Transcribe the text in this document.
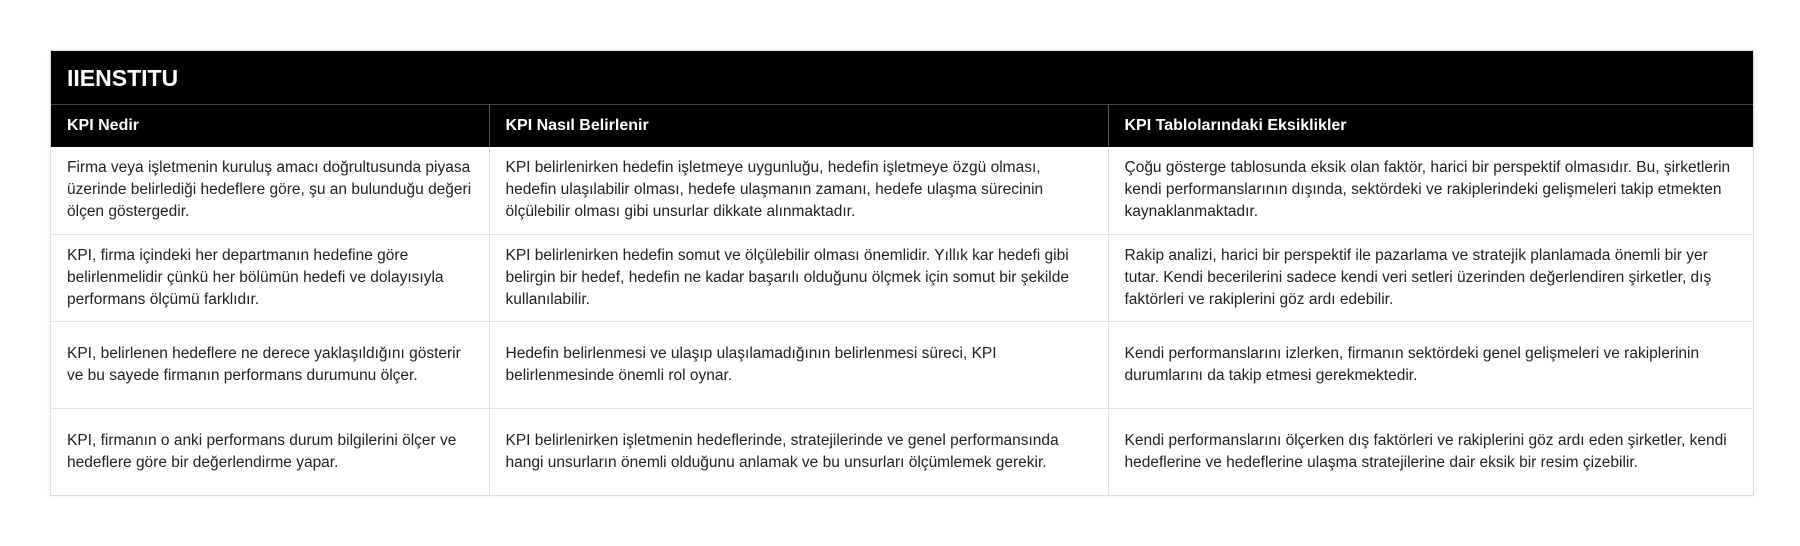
IIENSTITU
KPI Nedir	KPI Nasıl Belirlenir	KPI Tablolarındaki Eksiklikler
Firma veya işletmenin kuruluş amacı doğrultusunda piyasa üzerinde belirlediği hedeflere göre, şu an bulunduğu değeri ölçen göstergedir.	KPI belirlenirken hedefin işletmeye uygunluğu, hedefin işletmeye özgü olması, hedefin ulaşılabilir olması, hedefe ulaşmanın zamanı, hedefe ulaşma sürecinin ölçülebilir olması gibi unsurlar dikkate alınmaktadır.	Çoğu gösterge tablosunda eksik olan faktör, harici bir perspektif olmasıdır. Bu, şirketlerin kendi performanslarının dışında, sektördeki ve rakiplerindeki gelişmeleri takip etmekten kaynaklanmaktadır.
KPI, firma içindeki her departmanın hedefine göre belirlenmelidir çünkü her bölümün hedefi ve dolayısıyla performans ölçümü farklıdır.	KPI belirlenirken hedefin somut ve ölçülebilir olması önemlidir. Yıllık kar hedefi gibi belirgin bir hedef, hedefin ne kadar başarılı olduğunu ölçmek için somut bir şekilde kullanılabilir.	Rakip analizi, harici bir perspektif ile pazarlama ve stratejik planlamada önemli bir yer tutar. Kendi becerilerini sadece kendi veri setleri üzerinden değerlendiren şirketler, dış faktörleri ve rakiplerini göz ardı edebilir.
KPI, belirlenen hedeflere ne derece yaklaşıldığını gösterir ve bu sayede firmanın performans durumunu ölçer.	Hedefin belirlenmesi ve ulaşıp ulaşılamadığının belirlenmesi süreci, KPI belirlenmesinde önemli rol oynar.	Kendi performanslarını izlerken, firmanın sektördeki genel gelişmeleri ve rakiplerinin durumlarını da takip etmesi gerekmektedir.
KPI, firmanın o anki performans durum bilgilerini ölçer ve hedeflere göre bir değerlendirme yapar.	KPI belirlenirken işletmenin hedeflerinde, stratejilerinde ve genel performansında hangi unsurların önemli olduğunu anlamak ve bu unsurları ölçümlemek gerekir.	Kendi performanslarını ölçerken dış faktörleri ve rakiplerini göz ardı eden şirketler, kendi hedeflerine ve hedeflerine ulaşma stratejilerine dair eksik bir resim çizebilir.
